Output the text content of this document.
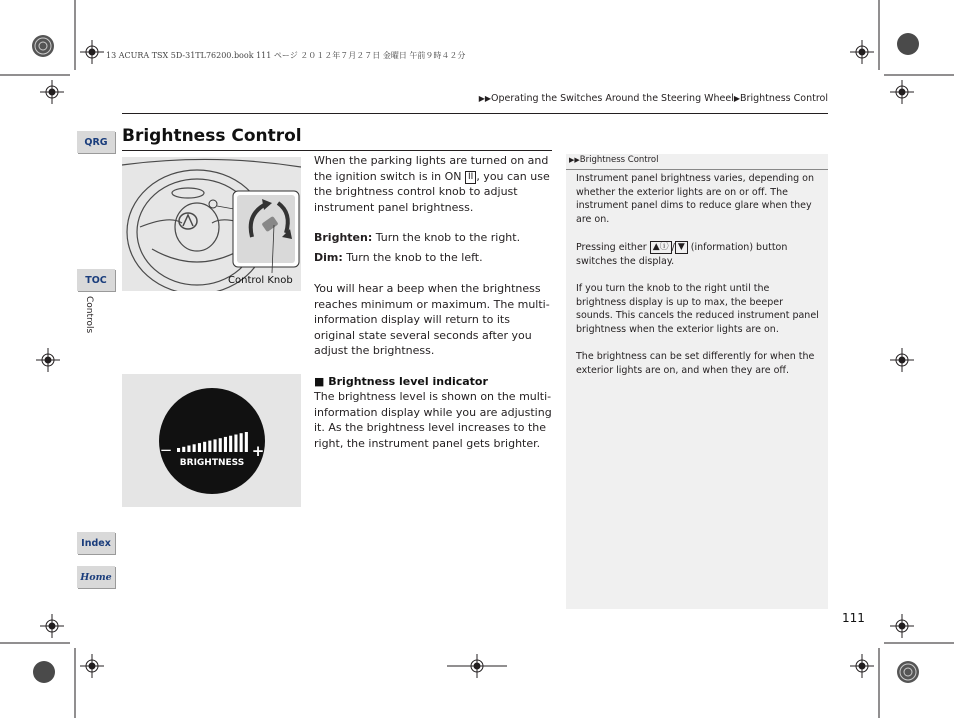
13 ACURA TSX 5D-31TL76200.book 111 ページ ２０１２年７月２７日 金曜日 午前９時４２分
▶▶Operating the Switches Around the Steering Wheel▶Brightness Control
Brightness Control
QRG
TOC
Controls
Index
Home
Control Knob
−	+
BRIGHTNESS

When the parking lights are turned on and the ignition switch is in ON II , you can use the brightness control knob to adjust instrument panel brightness.

Brighten: Turn the knob to the right.

Dim: Turn the knob to the left.

You will hear a beep when the brightness reaches minimum or maximum. The multi-information display will return to its original state several seconds after you adjust the brightness.

■ Brightness level indicator

The brightness level is shown on the multi-information display while you are adjusting it. As the brightness level increases to the right, the instrument panel gets brighter.

▶▶Brightness Control

Instrument panel brightness varies, depending on whether the exterior lights are on or off. The instrument panel dims to reduce glare when they are on.

Pressing either ▲ⓘ / ▼ (information) button switches the display.

If you turn the knob to the right until the brightness display is up to max, the beeper sounds. This cancels the reduced instrument panel brightness when the exterior lights are on.

The brightness can be set differently for when the exterior lights are on, and when they are off.

111
